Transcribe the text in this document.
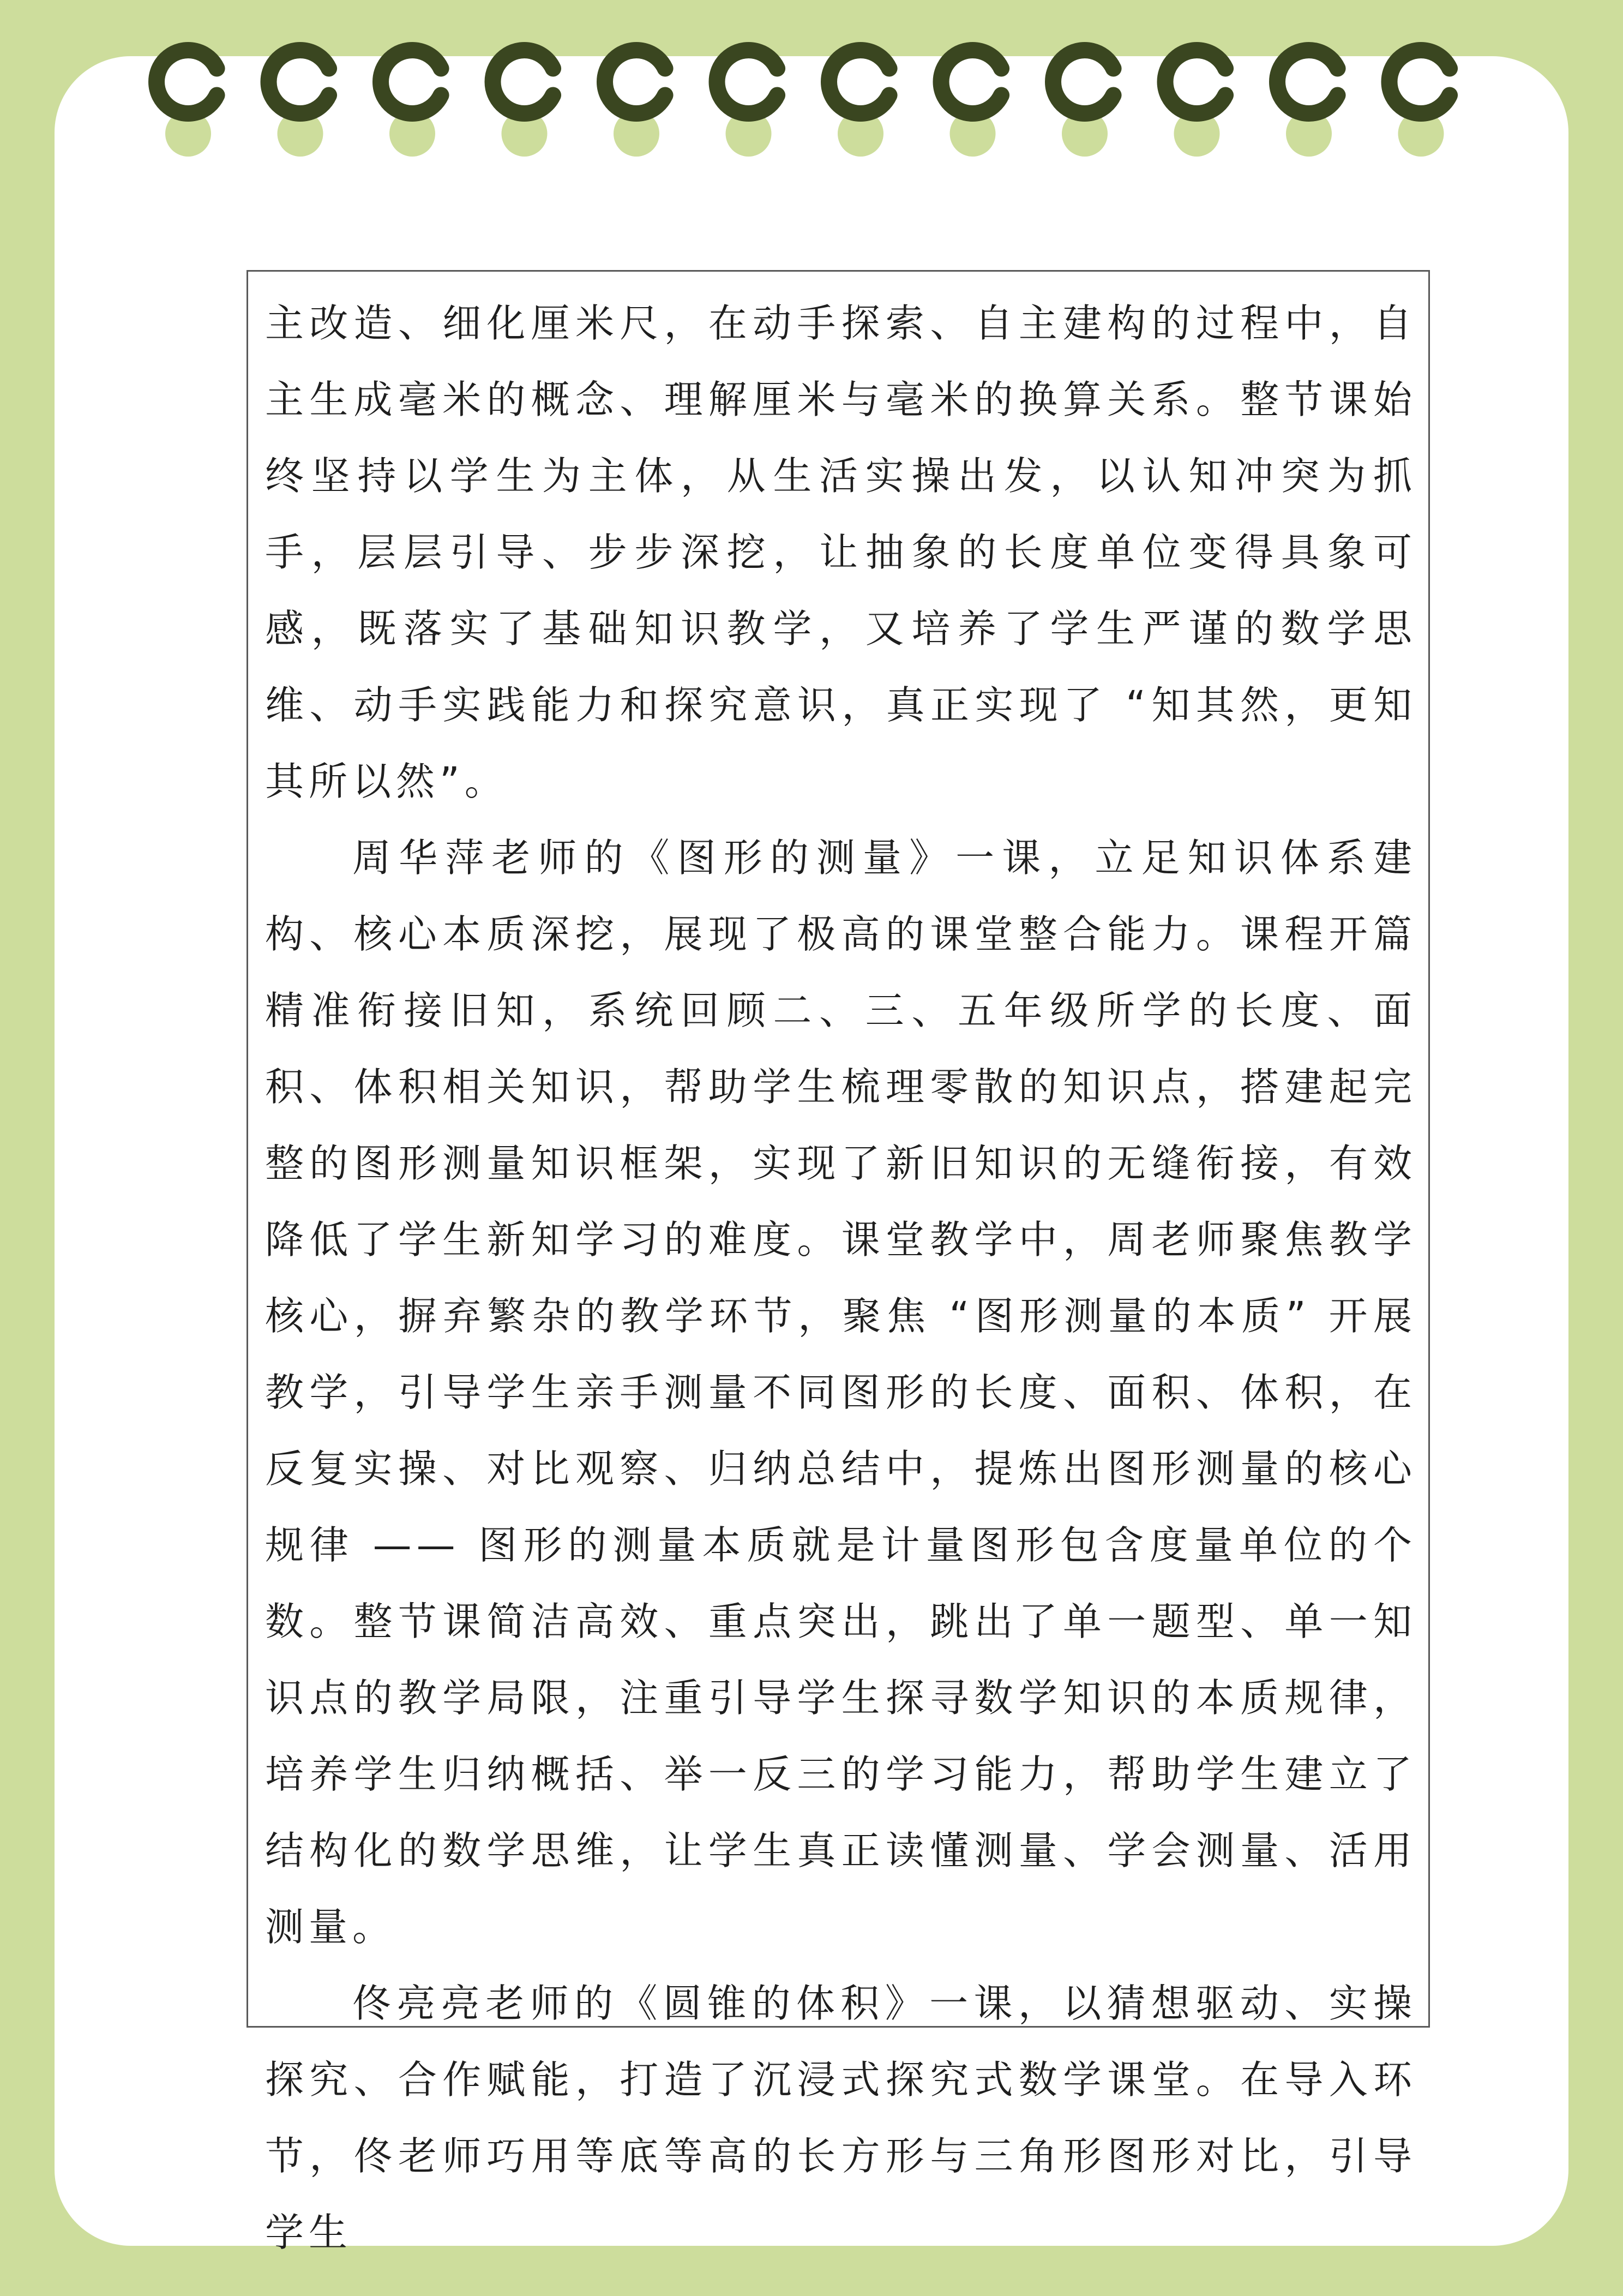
主改造、细化厘米尺，在动手探索、自主建构的过程中，自主生成毫米的概念、理解厘米与毫米的换算关系。整节课始终坚持以学生为主体，从生活实操出发，以认知冲突为抓手，层层引导、步步深挖，让抽象的长度单位变得具象可感，既落实了基础知识教学，又培养了学生严谨的数学思维、动手实践能力和探究意识，真正实现了 “知其然，更知其所以然”。

周华萍老师的《图形的测量》一课，立足知识体系建构、核心本质深挖，展现了极高的课堂整合能力。课程开篇精准衔接旧知，系统回顾二、三、五年级所学的长度、面积、体积相关知识，帮助学生梳理零散的知识点，搭建起完整的图形测量知识框架，实现了新旧知识的无缝衔接，有效降低了学生新知学习的难度。课堂教学中，周老师聚焦教学核心，摒弃繁杂的教学环节，聚焦 “图形测量的本质” 开展教学，引导学生亲手测量不同图形的长度、面积、体积，在反复实操、对比观察、归纳总结中，提炼出图形测量的核心规律 —— 图形的测量本质就是计量图形包含度量单位的个数。整节课简洁高效、重点突出，跳出了单一题型、单一知识点的教学局限，注重引导学生探寻数学知识的本质规律，培养学生归纳概括、举一反三的学习能力，帮助学生建立了结构化的数学思维，让学生真正读懂测量、学会测量、活用测量。

佟亮亮老师的《圆锥的体积》一课，以猜想驱动、实操探究、合作赋能，打造了沉浸式探究式数学课堂。在导入环节，佟老师巧用等底等高的长方形与三角形图形对比，引导学生
